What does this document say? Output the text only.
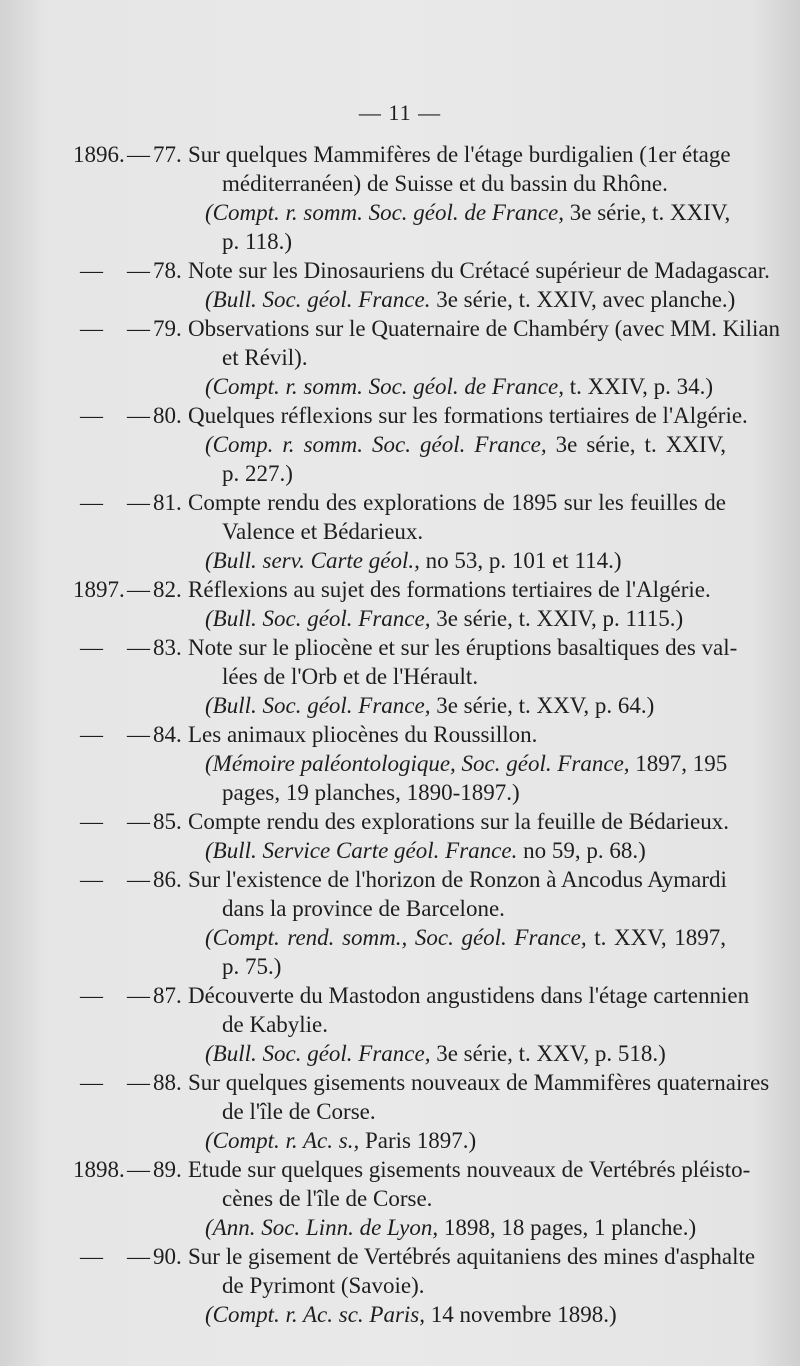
— 11 —
1896. — 77. Sur quelques Mammifères de l'étage burdigalien (1er étage
méditerranéen) de Suisse et du bassin du Rhône.
(Compt. r. somm. Soc. géol. de France, 3e série, t. XXIV,
p. 118.)
—	— 78. Note sur les Dinosauriens du Crétacé supérieur de Madagascar.
(Bull. Soc. géol. France. 3e série, t. XXIV, avec planche.)
—	— 79. Observations sur le Quaternaire de Chambéry (avec MM. Kilian
et Révil).
(Compt. r. somm. Soc. géol. de France, t. XXIV, p. 34.)
—	— 80. Quelques réflexions sur les formations tertiaires de l'Algérie.
(Comp. r. somm. Soc. géol. France, 3e série, t. XXIV,
p. 227.)
—	— 81. Compte rendu des explorations de 1895 sur les feuilles de
Valence et Bédarieux.
(Bull. serv. Carte géol., no 53, p. 101 et 114.)
1897. — 82. Réflexions au sujet des formations tertiaires de l'Algérie.
(Bull. Soc. géol. France, 3e série, t. XXIV, p. 1115.)
—	— 83. Note sur le pliocène et sur les éruptions basaltiques des val-
lées de l'Orb et de l'Hérault.
(Bull. Soc. géol. France, 3e série, t. XXV, p. 64.)
—	— 84. Les animaux pliocènes du Roussillon.
(Mémoire paléontologique, Soc. géol. France, 1897, 195
pages, 19 planches, 1890-1897.)
—	— 85. Compte rendu des explorations sur la feuille de Bédarieux.
(Bull. Service Carte géol. France. no 59, p. 68.)
—	— 86. Sur l'existence de l'horizon de Ronzon à Ancodus Aymardi
dans la province de Barcelone.
(Compt. rend. somm., Soc. géol. France, t. XXV, 1897,
p. 75.)
—	— 87. Découverte du Mastodon angustidens dans l'étage cartennien
de Kabylie.
(Bull. Soc. géol. France, 3e série, t. XXV, p. 518.)
—	— 88. Sur quelques gisements nouveaux de Mammifères quaternaires
de l'île de Corse.
(Compt. r. Ac. s., Paris 1897.)
1898. — 89. Etude sur quelques gisements nouveaux de Vertébrés pléisto-
cènes de l'île de Corse.
(Ann. Soc. Linn. de Lyon, 1898, 18 pages, 1 planche.)
—	— 90. Sur le gisement de Vertébrés aquitaniens des mines d'asphalte
de Pyrimont (Savoie).
(Compt. r. Ac. sc. Paris, 14 novembre 1898.)
